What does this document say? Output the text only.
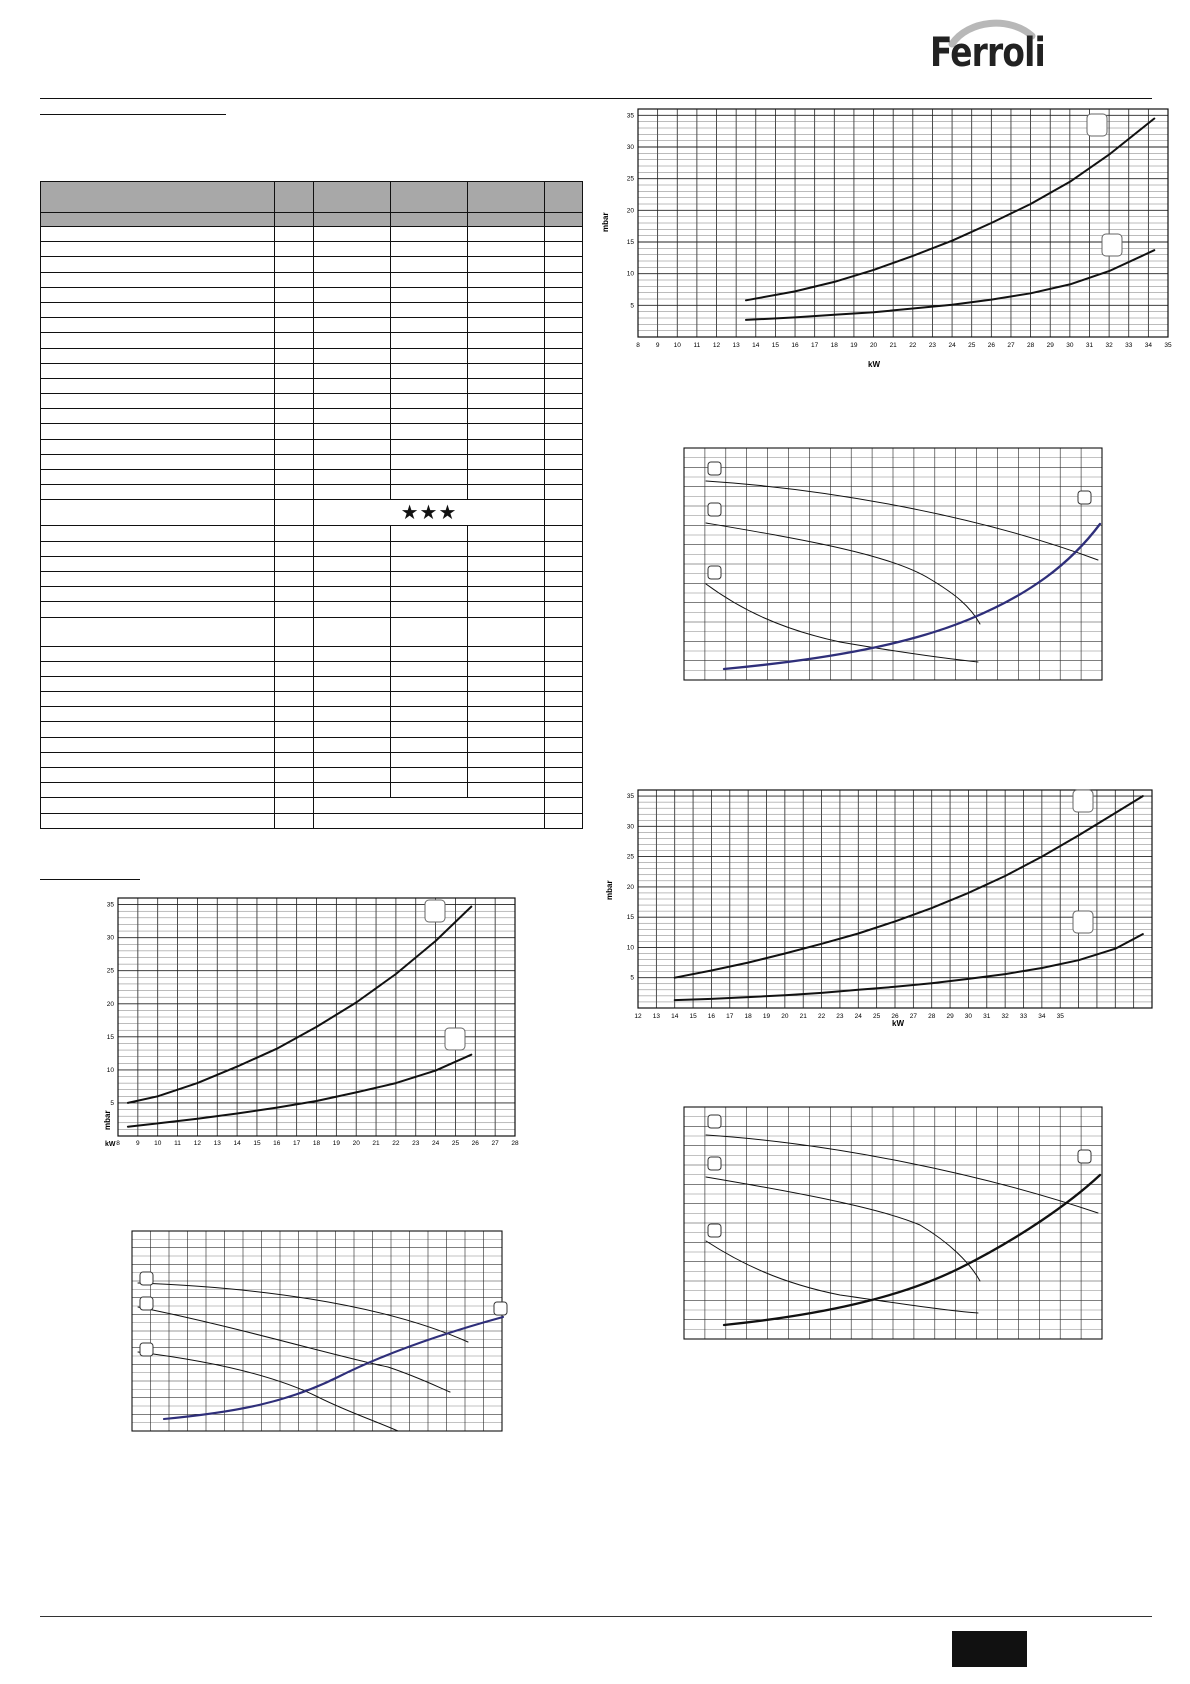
Ferroli

		★★★			

mbar
kW
8 9 10 11 12 13 14 15 16 17 18 19 20 21 22 23 24 25 26 27 28 29 30 31 32 33 34 35
5
10
15
20
25
30
35
mbar
kW 8 9 10 11 12 13 14 15 16 17 18 19 20 21 22 23 24 25 26 27 28
5
10
15
20
25
30
35
mbar
kW
12 13 14 15 16 17 18 19 20 21 22 23 24 25 26 27 28 29 30 31 32 33 34 35
5
10
15
20
25
30
35
